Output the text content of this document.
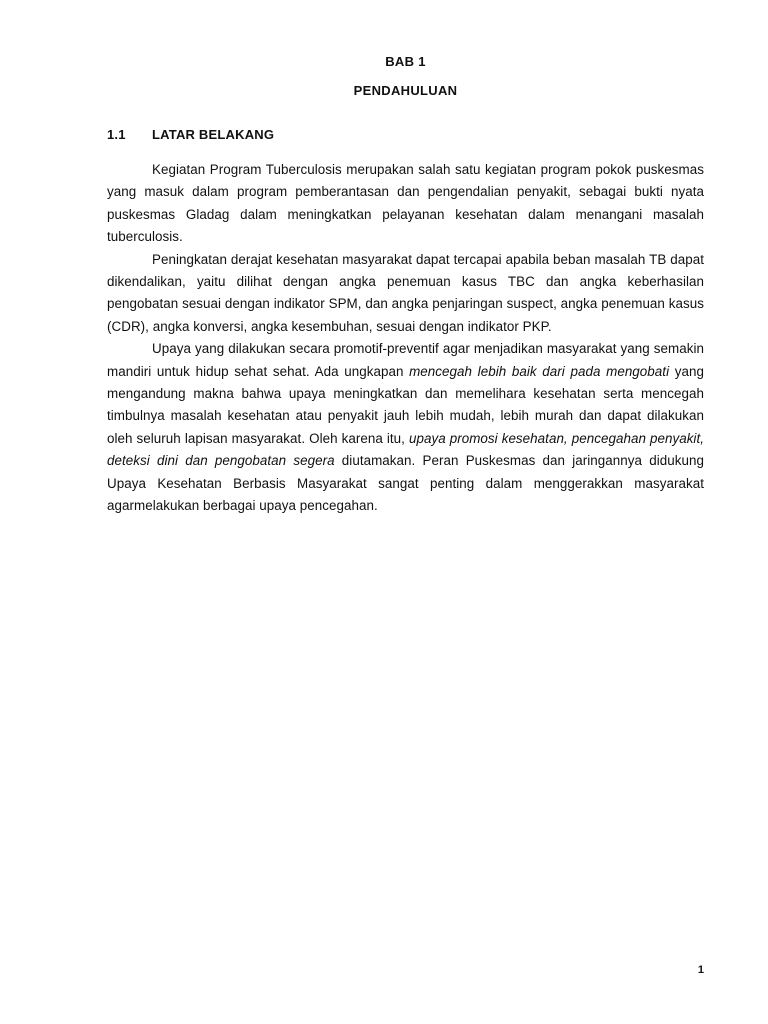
BAB 1
PENDAHULUAN
1.1 LATAR BELAKANG

Kegiatan Program Tuberculosis merupakan salah satu kegiatan program pokok puskesmas yang masuk dalam program pemberantasan dan pengendalian penyakit, sebagai bukti nyata puskesmas Gladag dalam meningkatkan pelayanan kesehatan dalam menangani masalah tuberculosis.

Peningkatan derajat kesehatan masyarakat dapat tercapai apabila beban masalah TB dapat dikendalikan, yaitu dilihat dengan angka penemuan kasus TBC dan angka keberhasilan pengobatan sesuai dengan indikator SPM, dan angka penjaringan suspect, angka penemuan kasus (CDR), angka konversi, angka kesembuhan, sesuai dengan indikator PKP.

Upaya yang dilakukan secara promotif-preventif agar menjadikan masyarakat yang semakin mandiri untuk hidup sehat sehat. Ada ungkapan mencegah lebih baik dari pada mengobati yang mengandung makna bahwa upaya meningkatkan dan memelihara kesehatan serta mencegah timbulnya masalah kesehatan atau penyakit jauh lebih mudah, lebih murah dan dapat dilakukan oleh seluruh lapisan masyarakat. Oleh karena itu, upaya promosi kesehatan, pencegahan penyakit, deteksi dini dan pengobatan segera diutamakan. Peran Puskesmas dan jaringannya didukung Upaya Kesehatan Berbasis Masyarakat sangat penting dalam menggerakkan masyarakat agarmelakukan berbagai upaya pencegahan.

1
